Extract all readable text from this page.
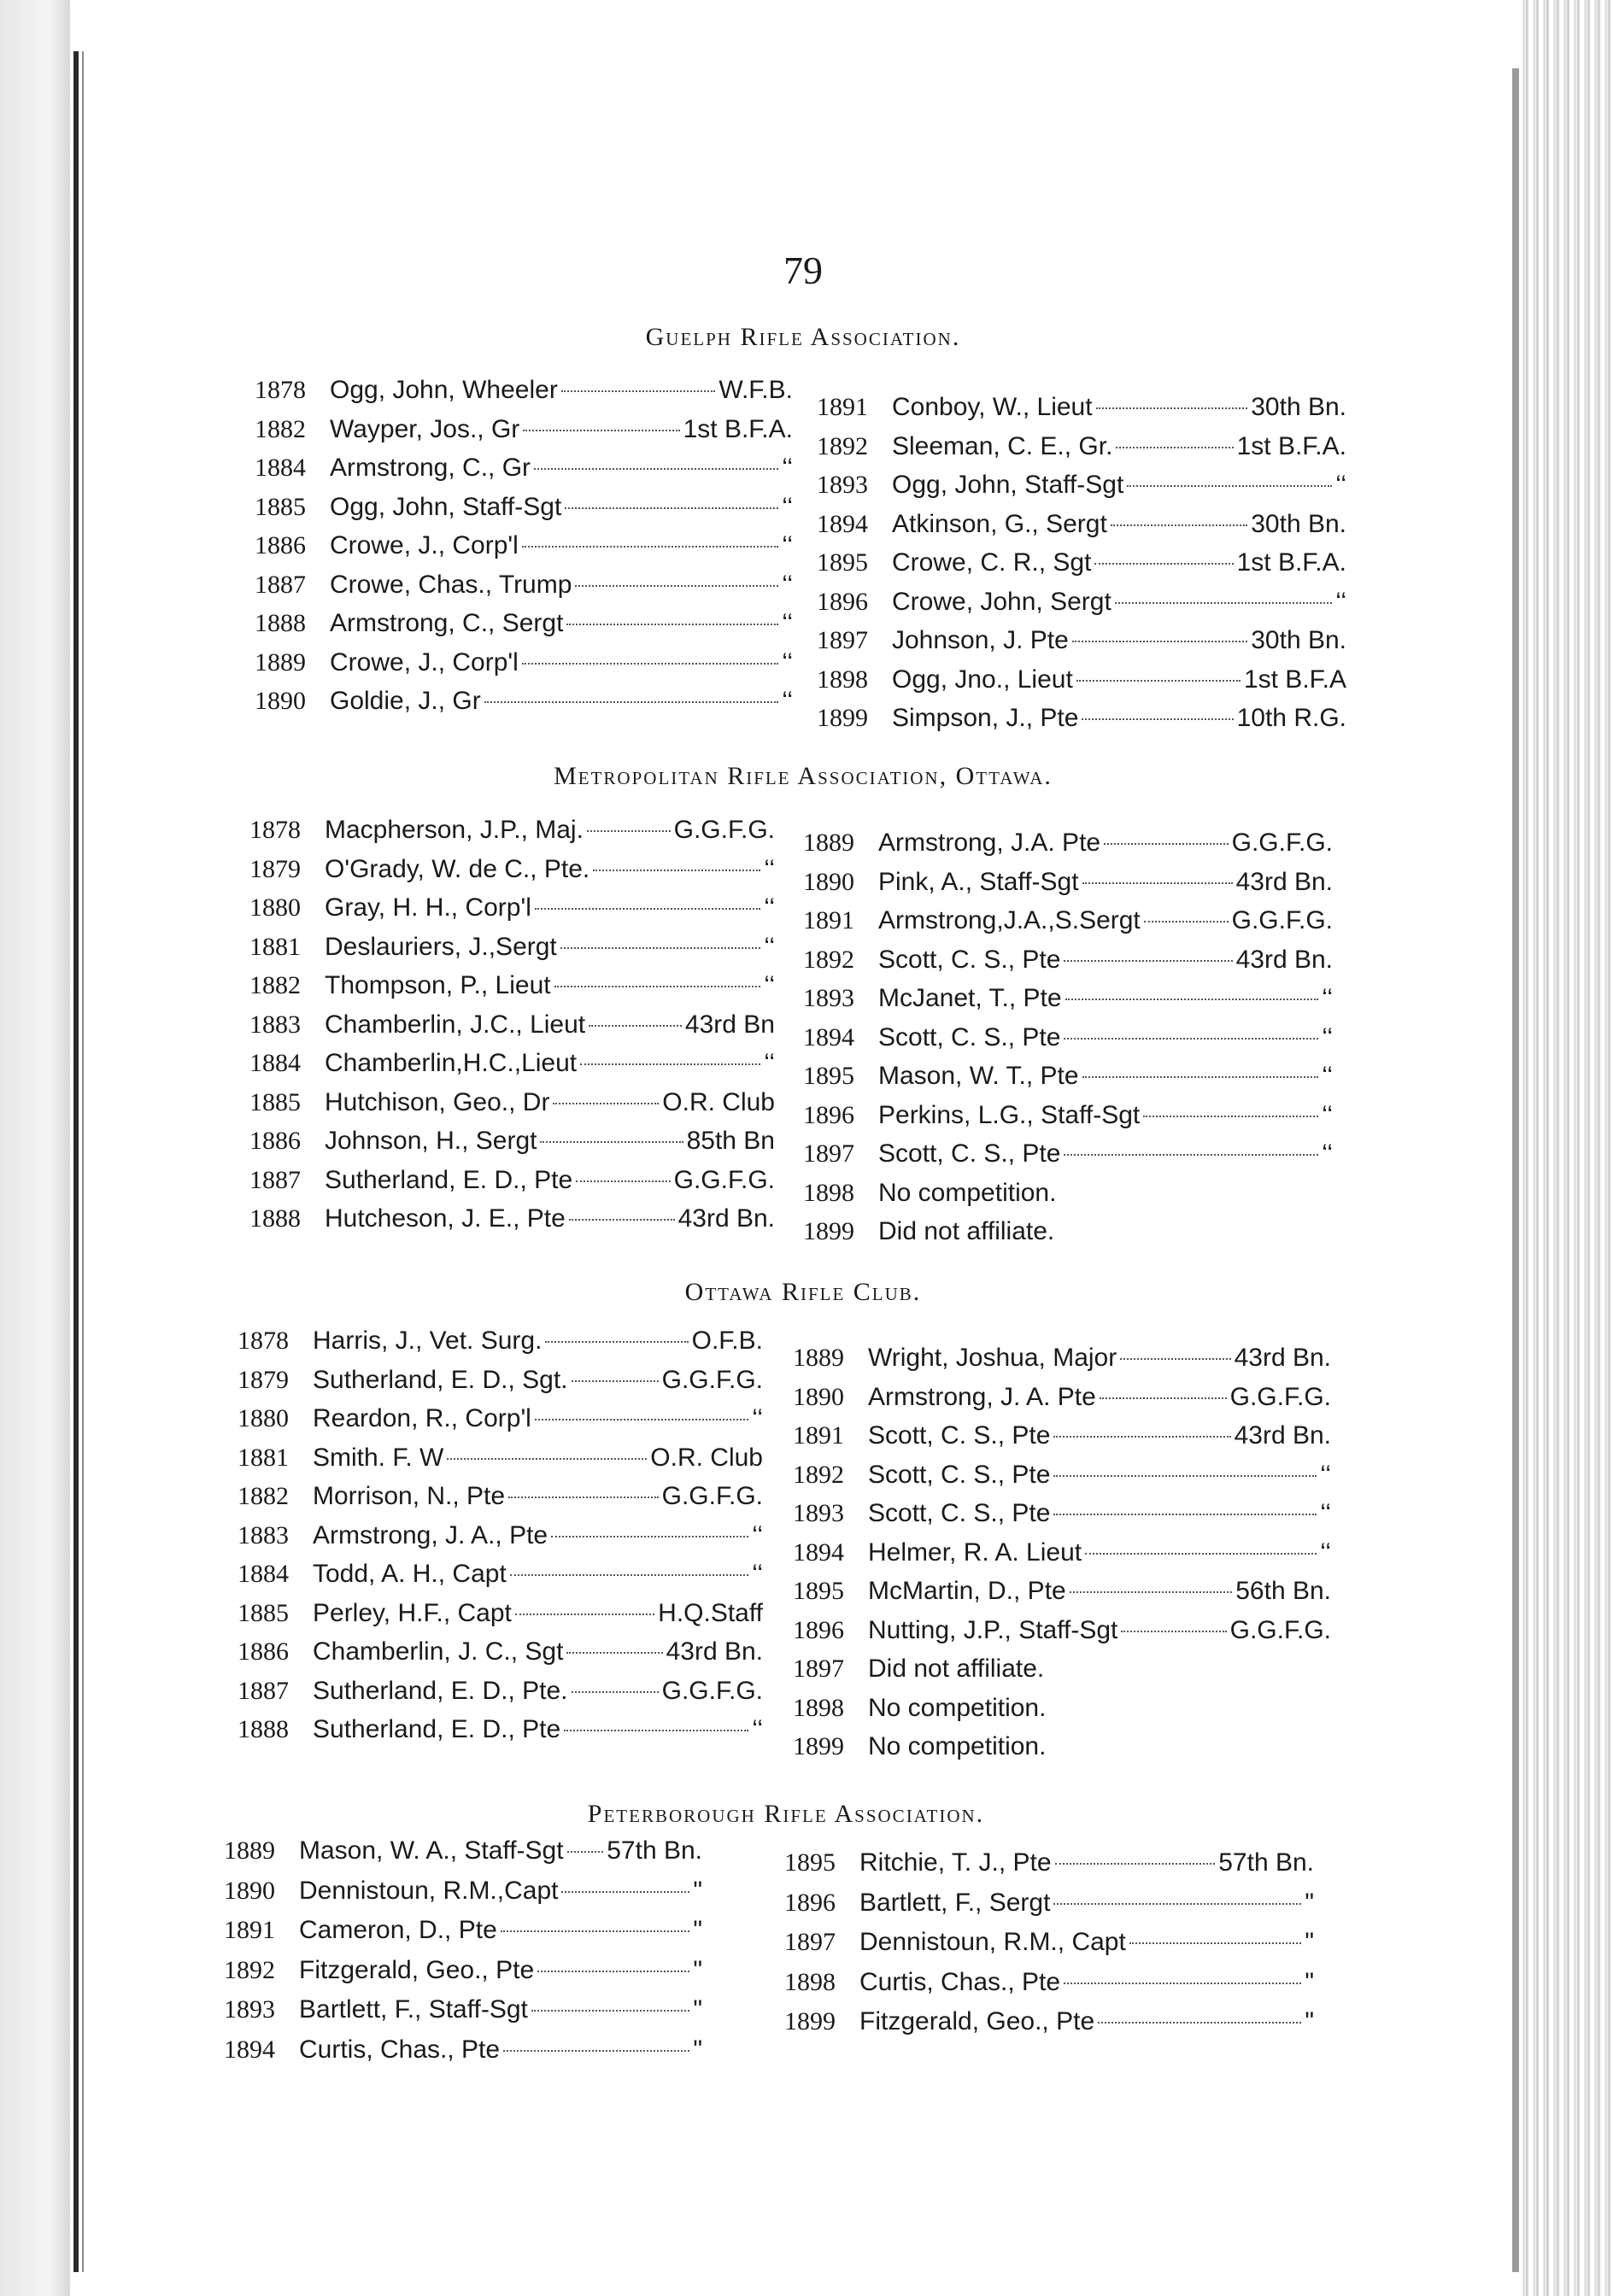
79
Guelph Rifle Association.
1878 Ogg, John, Wheeler	W.F.B.
1882 Wayper, Jos., Gr	1st B.F.A.
1884 Armstrong, C., Gr	‘‘
1885 Ogg, John, Staff-Sgt	‘‘
1886 Crowe, J., Corp'l	‘‘
1887 Crowe, Chas., Trump	‘‘
1888 Armstrong, C., Sergt	‘‘
1889 Crowe, J., Corp'l	‘‘
1890 Goldie, J., Gr	‘‘
1891 Conboy, W., Lieut	30th Bn.
1892 Sleeman, C. E., Gr.	1st B.F.A.
1893 Ogg, John, Staff-Sgt	‘‘
1894 Atkinson, G., Sergt	30th Bn.
1895 Crowe, C. R., Sgt	1st B.F.A.
1896 Crowe, John, Sergt	‘‘
1897 Johnson, J. Pte	30th Bn.
1898 Ogg, Jno., Lieut	1st B.F.A
1899 Simpson, J., Pte	10th R.G.
Metropolitan Rifle Association, Ottawa.
1878 Macpherson, J.P., Maj.	G.G.F.G.
1879 O'Grady, W. de C., Pte.	‘‘
1880 Gray, H. H., Corp'l	‘‘
1881 Deslauriers, J.,Sergt	‘‘
1882 Thompson, P., Lieut	‘‘
1883 Chamberlin, J.C., Lieut	43rd Bn
1884 Chamberlin,H.C.,Lieut	‘‘
1885 Hutchison, Geo., Dr	O.R. Club
1886 Johnson, H., Sergt	85th Bn
1887 Sutherland, E. D., Pte	G.G.F.G.
1888 Hutcheson, J. E., Pte	43rd Bn.
1889 Armstrong, J.A. Pte	G.G.F.G.
1890 Pink, A., Staff-Sgt	43rd Bn.
1891 Armstrong,J.A.,S.Sergt	G.G.F.G.
1892 Scott, C. S., Pte	43rd Bn.
1893 McJanet, T., Pte	‘‘
1894 Scott, C. S., Pte	‘‘
1895 Mason, W. T., Pte	‘‘
1896 Perkins, L.G., Staff-Sgt	‘‘
1897 Scott, C. S., Pte	‘‘
1898 No competition.
1899 Did not affiliate.
Ottawa Rifle Club.
1878 Harris, J., Vet. Surg.	O.F.B.
1879 Sutherland, E. D., Sgt.	G.G.F.G.
1880 Reardon, R., Corp'l	‘‘
1881 Smith. F. W	O.R. Club
1882 Morrison, N., Pte	G.G.F.G.
1883 Armstrong, J. A., Pte	‘‘
1884 Todd, A. H., Capt	‘‘
1885 Perley, H.F., Capt	H.Q.Staff
1886 Chamberlin, J. C., Sgt	43rd Bn.
1887 Sutherland, E. D., Pte.	G.G.F.G.
1888 Sutherland, E. D., Pte	‘‘
1889 Wright, Joshua, Major	43rd Bn.
1890 Armstrong, J. A. Pte	G.G.F.G.
1891 Scott, C. S., Pte	43rd Bn.
1892 Scott, C. S., Pte	‘‘
1893 Scott, C. S., Pte	‘‘
1894 Helmer, R. A. Lieut	‘‘
1895 McMartin, D., Pte	56th Bn.
1896 Nutting, J.P., Staff-Sgt	G.G.F.G.
1897 Did not affiliate.
1898 No competition.
1899 No competition.
Peterborough Rifle Association.
1889 Mason, W. A., Staff-Sgt 57th Bn.
1890 Dennistoun, R.M.,Capt	"
1891 Cameron, D., Pte	"
1892 Fitzgerald, Geo., Pte	"
1893 Bartlett, F., Staff-Sgt	"
1894 Curtis, Chas., Pte	"
1895 Ritchie, T. J., Pte	57th Bn.
1896 Bartlett, F., Sergt	"
1897 Dennistoun, R.M., Capt	"
1898 Curtis, Chas., Pte	"
1899 Fitzgerald, Geo., Pte	"
